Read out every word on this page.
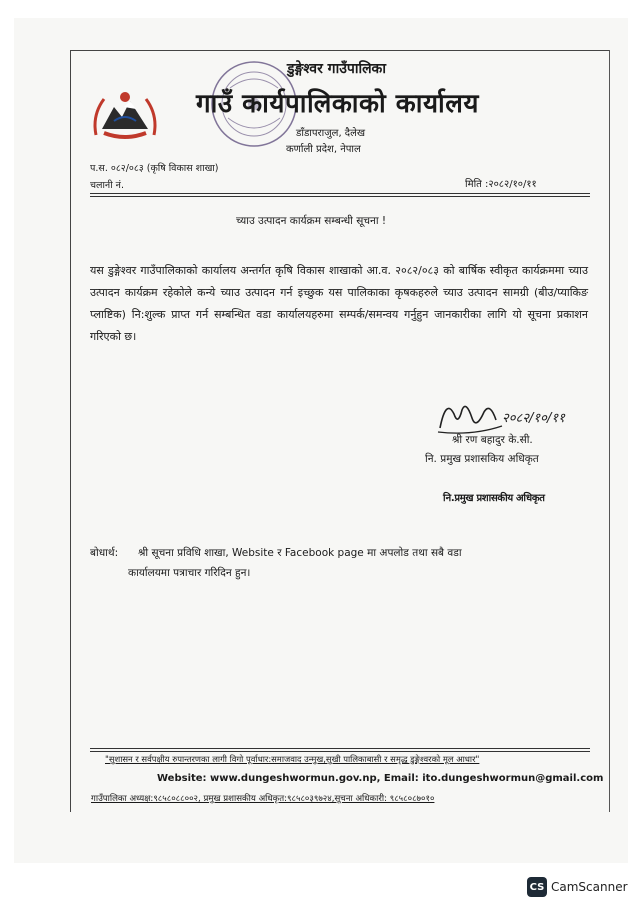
डुङ्गेश्वर गाउँपालिका
गाउँ कार्यपालिकाको कार्यालय
डाँडापराजुल, दैलेख
कर्णाली प्रदेश, नेपाल
प.स. ०८२/०८३ (कृषि विकास शाखा)
चलानी नं.	मिति :२०८२/१०/११
च्याउ उत्पादन कार्यक्रम सम्बन्धी सूचना !

यस डुङ्गेश्वर गाउँपालिकाको कार्यालय अन्तर्गत कृषि विकास शाखाको आ.व. २०८२/०८३ को बार्षिक स्वीकृत कार्यक्रममा च्याउ उत्पादन कार्यक्रम रहेकोले कन्ये च्याउ उत्पादन गर्न इच्छुक यस पालिकाका कृषकहरुले च्याउ उत्पादन सामग्री (बीउ/प्याकिङ प्लाष्टिक) नि:शुल्क प्राप्त गर्न सम्बन्धित वडा कार्यालयहरुमा सम्पर्क/समन्वय गर्नुहुन जानकारीका लागि यो सूचना प्रकाशन गरिएको छ।

२०८२/१०/११
श्री रण बहादुर के.सी.
नि. प्रमुख प्रशासकिय अधिकृत
नि.प्रमुख प्रशासकीय अधिकृत
बोधार्थ: श्री सूचना प्रविधि शाखा, Website र Facebook page मा अपलोड तथा सबै वडा
कार्यालयमा पत्राचार गरिदिन हुन।
"सुशासन र सर्वपक्षीय रुपान्तरणका लागी विगो पूर्वाधार:समाजवाद उन्मुख,सुखी पालिकाबासी र समृद्ध डुङ्गेश्वरको मूल आधार"
Website: www.dungeshwormun.gov.np, Email: ito.dungeshwormun@gmail.com
गाउँपालिका अध्यक्ष:९८५८०८८००२, प्रमुख प्रशासकीय अधिकृत:९८५८०३९७२४,सूचना अधिकारी: ९८५८०८७०१०
CS CamScanner
